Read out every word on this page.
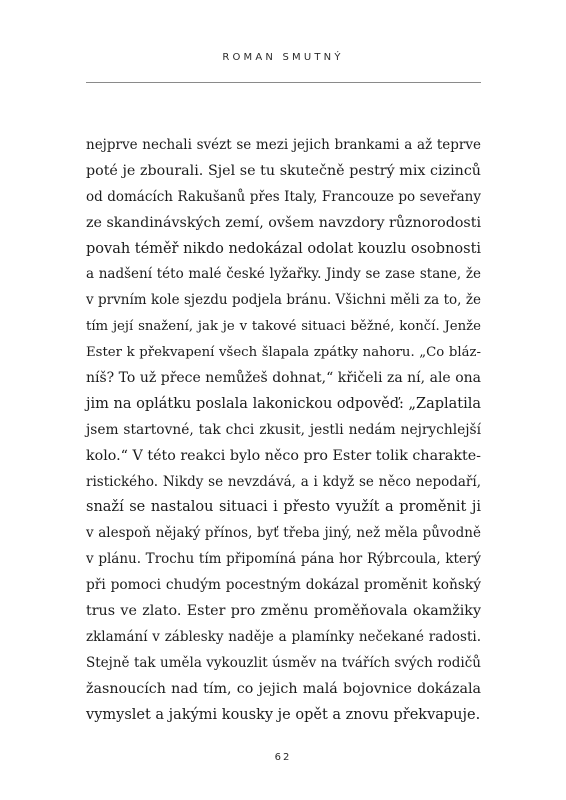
ROMAN SMUTNÝ
nejprve nechali svézt se mezi jejich brankami a až teprve
poté je zbourali. Sjel se tu skutečně pestrý mix cizinců
od domácích Rakušanů přes Italy, Francouze po seveřany
ze skandinávských zemí, ovšem navzdory různorodosti
povah téměř nikdo nedokázal odolat kouzlu osobnosti
a nadšení této malé české lyžařky. Jindy se zase stane, že
v prvním kole sjezdu podjela bránu. Všichni měli za to, že
tím její snažení, jak je v takové situaci běžné, končí. Jenže
Ester k překvapení všech šlapala zpátky nahoru. „Co bláz-
níš? To už přece nemůžeš dohnat,“ křičeli za ní, ale ona
jim na oplátku poslala lakonickou odpověď: „Zaplatila
jsem startovné, tak chci zkusit, jestli nedám nejrychlejší
kolo.“ V této reakci bylo něco pro Ester tolik charakte-
ristického. Nikdy se nevzdává, a i když se něco nepodaří,
snaží se nastalou situaci i přesto využít a proměnit ji
v alespoň nějaký přínos, byť třeba jiný, než měla původně
v plánu. Trochu tím připomíná pána hor Rýbrcoula, který
při pomoci chudým pocestným dokázal proměnit koňský
trus ve zlato. Ester pro změnu proměňovala okamžiky
zklamání v záblesky naděje a plamínky nečekané radosti.
Stejně tak uměla vykouzlit úsměv na tvářích svých rodičů
žasnoucích nad tím, co jejich malá bojovnice dokázala
vymyslet a jakými kousky je opět a znovu překvapuje.
62
